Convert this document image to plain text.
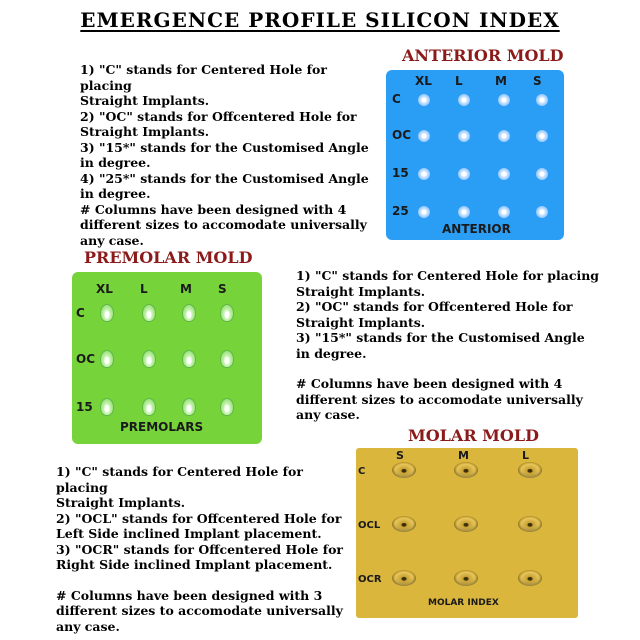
EMERGENCE PROFILE SILICON INDEX

1) "C" stands for Centered Hole for placing

Straight Implants.

2) "OC" stands for Offcentered Hole for

Straight Implants.

3) "15*" stands for the Customised Angle

in degree.

4) "25*" stands for the Customised Angle

in degree.

# Columns have been designed with 4

different sizes to accomodate universally

any case.

ANTERIOR MOLD
XL L	M S
C
OC
15
25
ANTERIOR
PREMOLAR MOLD
XL L	M S
C
OC
15
PREMOLARS

1) "C" stands for Centered Hole for placing

Straight Implants.

2) "OC" stands for Offcentered Hole for

Straight Implants.

3) "15*" stands for the Customised Angle

in degree.

# Columns have been designed with 4

different sizes to accomodate universally

any case.

MOLAR MOLD

1) "C" stands for Centered Hole for placing

Straight Implants.

2) "OCL" stands for Offcentered Hole for

Left Side inclined Implant placement.

3) "OCR" stands for Offcentered Hole for

Right Side inclined Implant placement.

# Columns have been designed with 3

different sizes to accomodate universally

any case.

S	M	L
C
OCL
OCR
MOLAR INDEX
